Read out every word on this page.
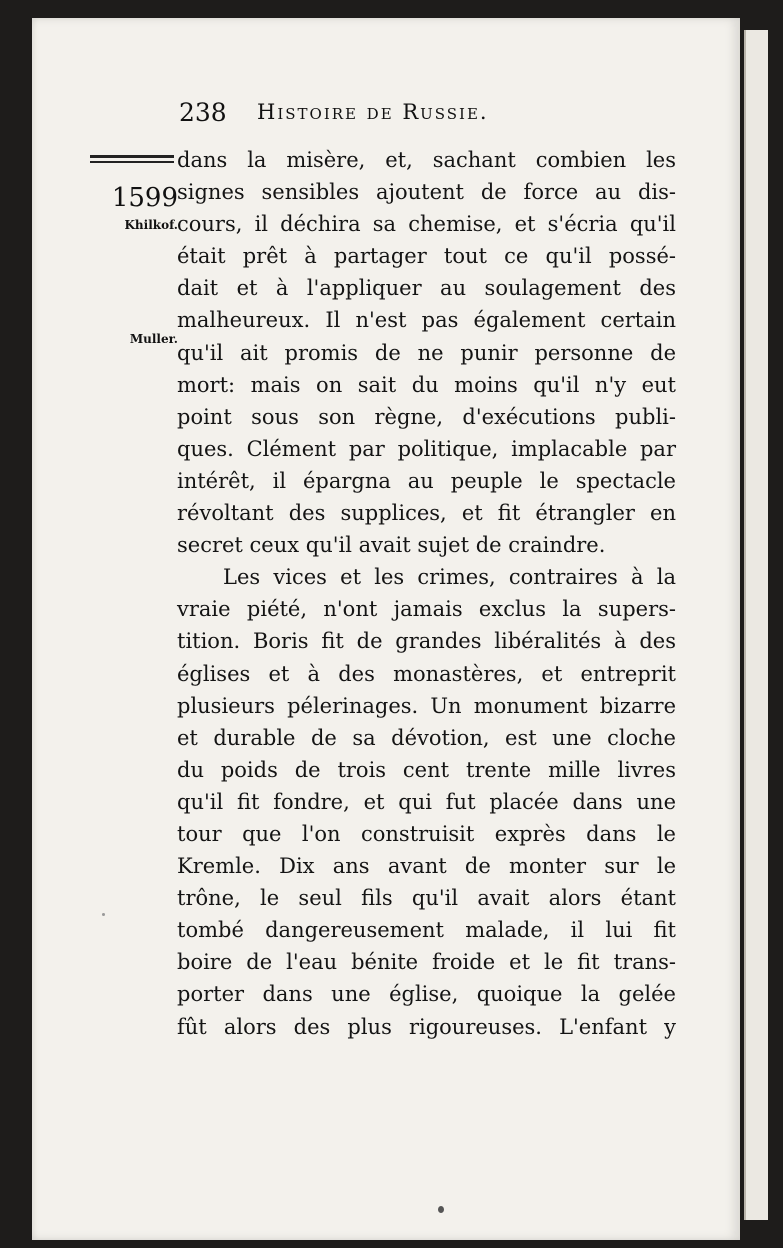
238 Histoire de Russie.
1599
Khilkof.
Muller.
dans la misère, et, sachant combien les
signes sensibles ajoutent de force au dis-
cours, il déchira sa chemise, et s'écria qu'il
était prêt à partager tout ce qu'il possé-
dait et à l'appliquer au soulagement des
malheureux. Il n'est pas également certain
qu'il ait promis de ne punir personne de
mort: mais on sait du moins qu'il n'y eut
point sous son règne, d'exécutions publi-
ques. Clément par politique, implacable par
intérêt, il épargna au peuple le spectacle
révoltant des supplices, et fit étrangler en
secret ceux qu'il avait sujet de craindre.
Les vices et les crimes, contraires à la
vraie piété, n'ont jamais exclus la supers-
tition. Boris fit de grandes libéralités à des
églises et à des monastères, et entreprit
plusieurs pélerinages. Un monument bizarre
et durable de sa dévotion, est une cloche
du poids de trois cent trente mille livres
qu'il fit fondre, et qui fut placée dans une
tour que l'on construisit exprès dans le
Kremle. Dix ans avant de monter sur le
trône, le seul fils qu'il avait alors étant
tombé dangereusement malade, il lui fit
boire de l'eau bénite froide et le fit trans-
porter dans une église, quoique la gelée
fût alors des plus rigoureuses. L'enfant y
